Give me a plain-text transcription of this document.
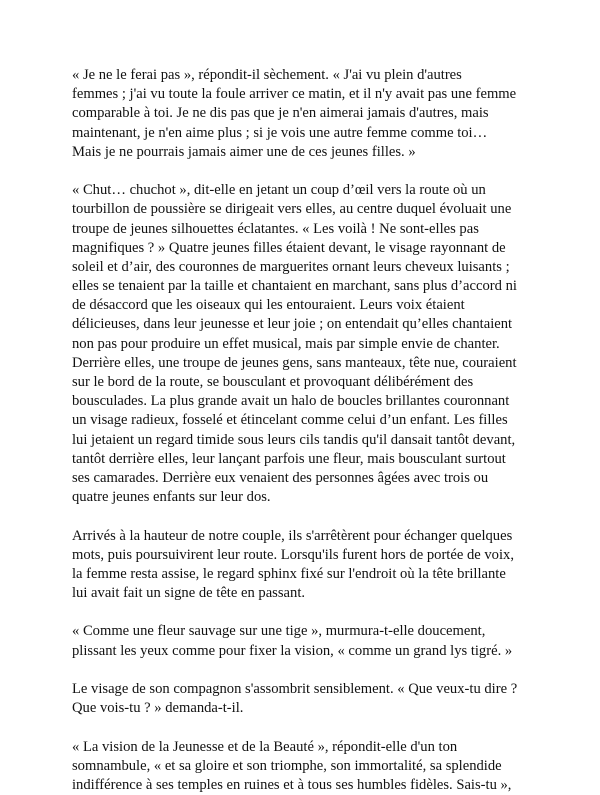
« Je ne le ferai pas », répondit-il sèchement. « J'ai vu plein d'autres
femmes ; j'ai vu toute la foule arriver ce matin, et il n'y avait pas une femme
comparable à toi. Je ne dis pas que je n'en aimerai jamais d'autres, mais
maintenant, je n'en aime plus ; si je vois une autre femme comme toi…
Mais je ne pourrais jamais aimer une de ces jeunes filles. »

« Chut… chuchot », dit-elle en jetant un coup d’œil vers la route où un
tourbillon de poussière se dirigeait vers elles, au centre duquel évoluait une
troupe de jeunes silhouettes éclatantes. « Les voilà ! Ne sont-elles pas
magnifiques ? » Quatre jeunes filles étaient devant, le visage rayonnant de
soleil et d’air, des couronnes de marguerites ornant leurs cheveux luisants ;
elles se tenaient par la taille et chantaient en marchant, sans plus d’accord ni
de désaccord que les oiseaux qui les entouraient. Leurs voix étaient
délicieuses, dans leur jeunesse et leur joie ; on entendait qu’elles chantaient
non pas pour produire un effet musical, mais par simple envie de chanter.
Derrière elles, une troupe de jeunes gens, sans manteaux, tête nue, couraient
sur le bord de la route, se bousculant et provoquant délibérément des
bousculades. La plus grande avait un halo de boucles brillantes couronnant
un visage radieux, fosselé et étincelant comme celui d’un enfant. Les filles
lui jetaient un regard timide sous leurs cils tandis qu'il dansait tantôt devant,
tantôt derrière elles, leur lançant parfois une fleur, mais bousculant surtout
ses camarades. Derrière eux venaient des personnes âgées avec trois ou
quatre jeunes enfants sur leur dos.

Arrivés à la hauteur de notre couple, ils s'arrêtèrent pour échanger quelques
mots, puis poursuivirent leur route. Lorsqu'ils furent hors de portée de voix,
la femme resta assise, le regard sphinx fixé sur l'endroit où la tête brillante
lui avait fait un signe de tête en passant.

« Comme une fleur sauvage sur une tige », murmura-t-elle doucement,
plissant les yeux comme pour fixer la vision, « comme un grand lys tigré. »

Le visage de son compagnon s'assombrit sensiblement. « Que veux-tu dire ?
Que vois-tu ? » demanda-t-il.

« La vision de la Jeunesse et de la Beauté », répondit-elle d'un ton
somnambule, « et sa gloire et son triomphe, son immortalité, sa splendide
indifférence à ses temples en ruines et à tous ses humbles fidèles. Sais-tu »,
